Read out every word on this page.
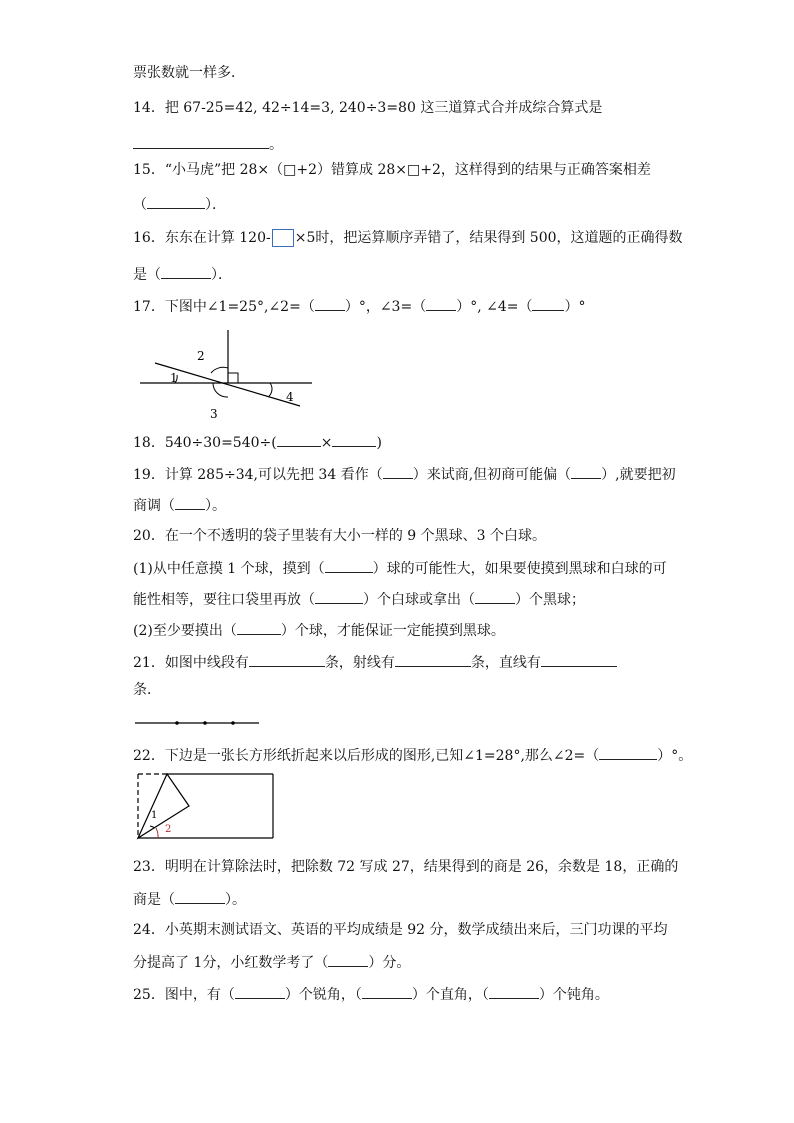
票张数就一样多．
14．把 67-25=42, 42÷14=3, 240÷3=80 这三道算式合并成综合算式是
。
15．“小马虎”把 28×（□+2）错算成 28×□+2，这样得到的结果与正确答案相差
（	）．
16．东东在计算 120- ×5时，把运算顺序弄错了，结果得到 500，这道题的正确得数
是（	）．
17．下图中∠1=25°,∠2=（ ）°，∠3=（ ）°, ∠4=（ ）°
1
2
3
4
18．540÷30=540÷(	×	)
19．计算 285÷34,可以先把 34 看作（ ）来试商,但初商可能偏（ ）,就要把初
商调（ ）。
20．在一个不透明的袋子里装有大小一样的 9 个黑球、3 个白球。
(1)从中任意摸 1 个球，摸到（	）球的可能性大，如果要使摸到黑球和白球的可
能性相等，要往口袋里再放（	）个白球或拿出（	）个黑球；
(2)至少要摸出（	）个球，才能保证一定能摸到黑球。
21．如图中线段有	条，射线有	条，直线有
条．
22．下边是一张长方形纸折起来以后形成的图形,已知∠1=28°,那么∠2=（	）°。
1
2
23．明明在计算除法时，把除数 72 写成 27，结果得到的商是 26，余数是 18，正确的
商是（	）。
24．小英期末测试语文、英语的平均成绩是 92 分，数学成绩出来后，三门功课的平均
分提高了 1分，小红数学考了（	）分。
25．图中，有（	）个锐角，（	）个直角，（	）个钝角。
